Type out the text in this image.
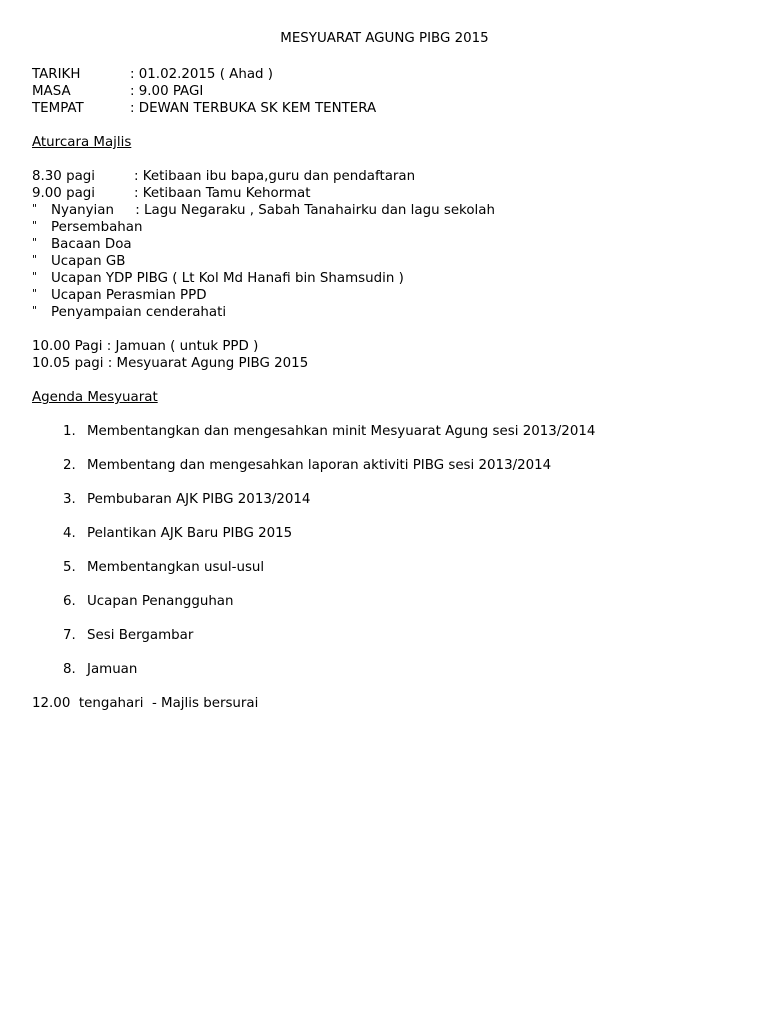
MESYUARAT AGUNG PIBG 2015
TARIKH	: 01.02.2015 ( Ahad )
MASA	: 9.00 PAGI
TEMPAT	: DEWAN TERBUKA SK KEM TENTERA
Aturcara Majlis
8.30 pagi	: Ketibaan ibu bapa,guru dan pendaftaran
9.00 pagi	: Ketibaan Tamu Kehormat
"	Nyanyian     : Lagu Negaraku , Sabah Tanahairku dan lagu sekolah
"	Persembahan
"	Bacaan Doa
"	Ucapan GB
"	Ucapan YDP PIBG ( Lt Kol Md Hanafi bin Shamsudin )
"	Ucapan Perasmian PPD
"	Penyampaian cenderahati
10.00 Pagi : Jamuan ( untuk PPD )
10.05 pagi : Mesyuarat Agung PIBG 2015
Agenda Mesyuarat
1. Membentangkan dan mengesahkan minit Mesyuarat Agung sesi 2013/2014
2. Membentang dan mengesahkan laporan aktiviti PIBG sesi 2013/2014
3. Pembubaran AJK PIBG 2013/2014
4. Pelantikan AJK Baru PIBG 2015
5. Membentangkan usul-usul
6. Ucapan Penangguhan
7. Sesi Bergambar
8. Jamuan
12.00  tengahari  - Majlis bersurai
